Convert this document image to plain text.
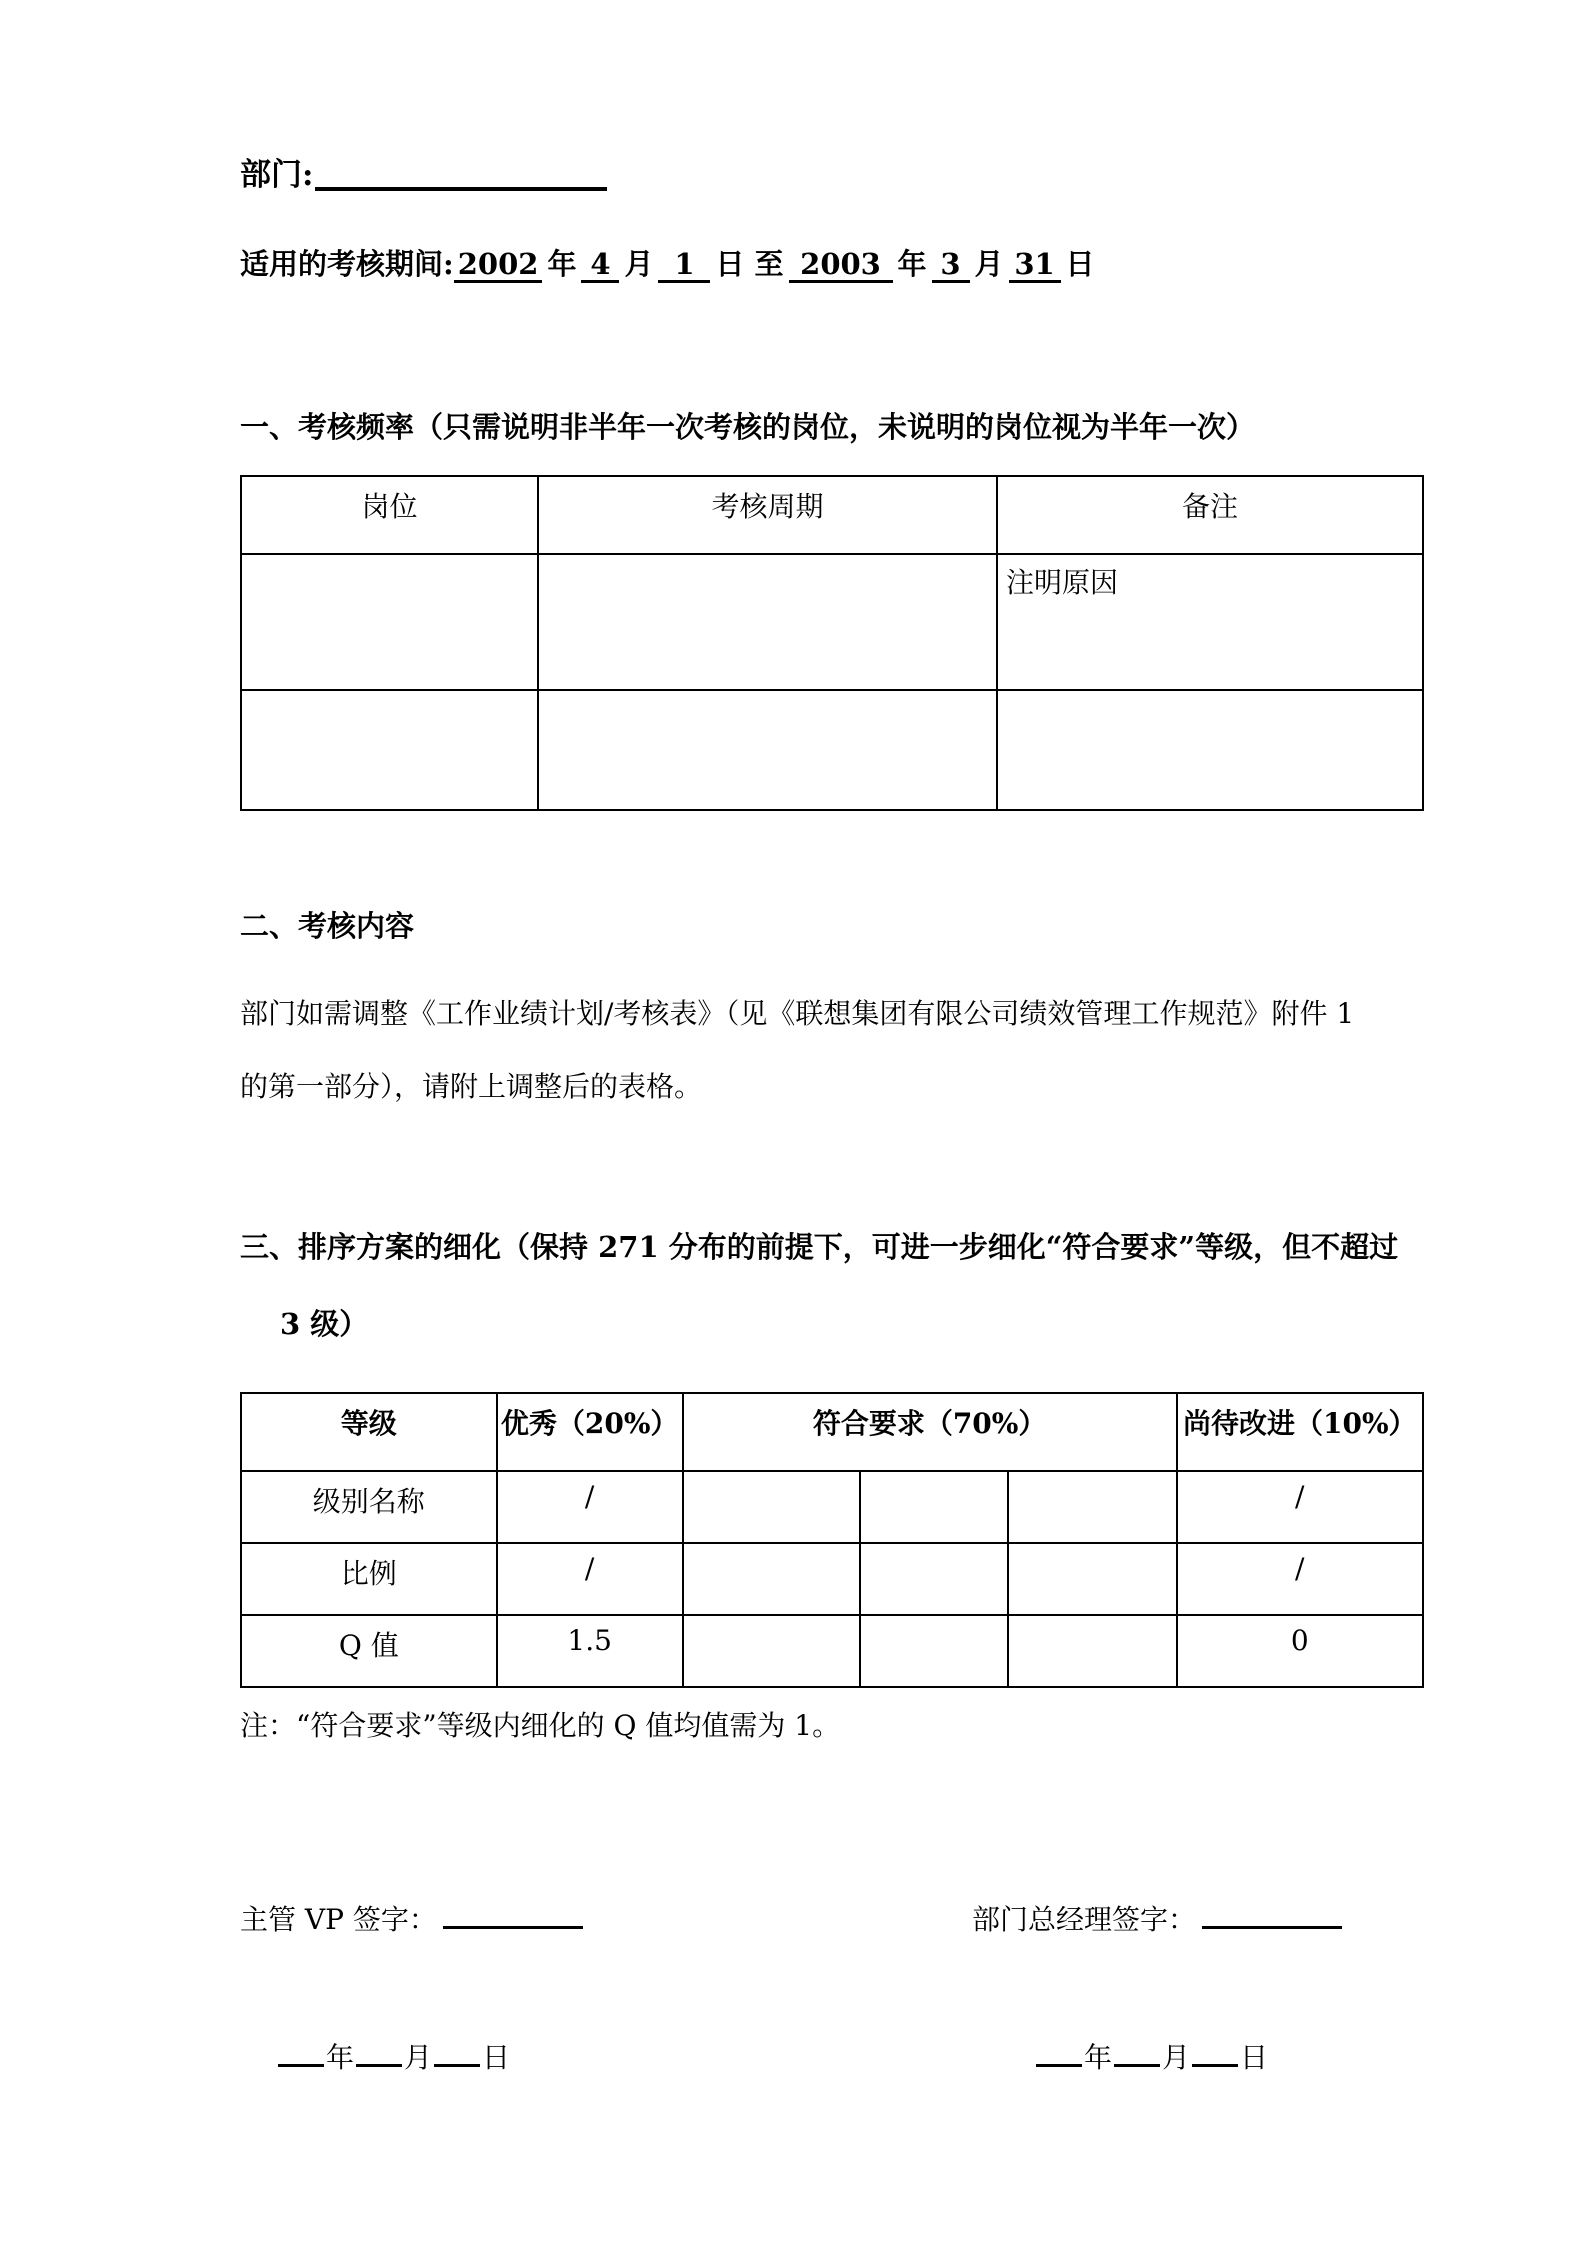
部门:
适用的考核期间: 2002 年 4 月 1 日 至 2003 年 3 月 31 日
一、考核频率（只需说明非半年一次考核的岗位，未说明的岗位视为半年一次）
岗位	考核周期	备注
		注明原因

二、考核内容
部门如需调整《工作业绩计划/考核表》（见《联想集团有限公司绩效管理工作规范》附件 1
的第一部分），请附上调整后的表格。
三、排序方案的细化（保持 271 分布的前提下，可进一步细化“符合要求”等级，但不超过
3 级）
等级	优秀（20%）	符合要求（70%）			尚待改进（10%）
级别名称	/				/
比例	/				/
Q 值	1.5				0
注：“符合要求”等级内细化的 Q 值均值需为 1。
主管 VP 签字：	部门总经理签字：
年 月 日	年 月 日
